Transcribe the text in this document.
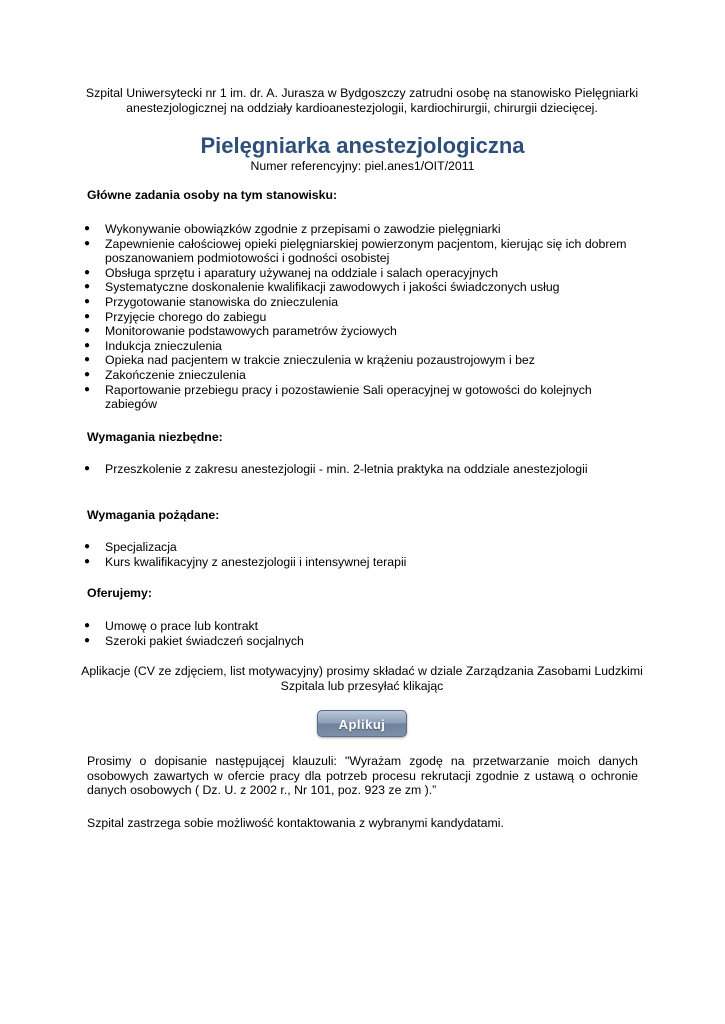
Szpital Uniwersytecki nr 1 im. dr. A. Jurasza w Bydgoszczy zatrudni osobę na stanowisko Pielęgniarki anestezjologicznej na oddziały kardioanestezjologii, kardiochirurgii, chirurgii dziecięcej.
Pielęgniarka anestezjologiczna
Numer referencyjny: piel.anes1/OIT/2011
Główne zadania osoby na tym stanowisku:
● Wykonywanie obowiązków zgodnie z przepisami o zawodzie pielęgniarki
● Zapewnienie całościowej opieki pielęgniarskiej powierzonym pacjentom, kierując się ich dobrem poszanowaniem podmiotowości i godności osobistej
● Obsługa sprzętu i aparatury używanej na oddziale i salach operacyjnych
● Systematyczne doskonalenie kwalifikacji zawodowych i jakości świadczonych usług
● Przygotowanie stanowiska do znieczulenia
● Przyjęcie chorego do zabiegu
● Monitorowanie podstawowych parametrów życiowych
● Indukcja znieczulenia
● Opieka nad pacjentem w trakcie znieczulenia w krążeniu pozaustrojowym i bez
● Zakończenie znieczulenia
● Raportowanie przebiegu pracy i pozostawienie Sali operacyjnej w gotowości do kolejnych zabiegów
Wymagania niezbędne:
● Przeszkolenie z zakresu anestezjologii - min. 2-letnia praktyka na oddziale anestezjologii
Wymagania pożądane:
● Specjalizacja
● Kurs kwalifikacyjny z anestezjologii i intensywnej terapii
Oferujemy:
● Umowę o prace lub kontrakt
● Szeroki pakiet świadczeń socjalnych
Aplikacje (CV ze zdjęciem, list motywacyjny) prosimy składać w dziale Zarządzania Zasobami Ludzkimi Szpitala lub przesyłać klikając
Aplikuj
Prosimy o dopisanie następującej klauzuli: "Wyrażam zgodę na przetwarzanie moich danych osobowych zawartych w ofercie pracy dla potrzeb procesu rekrutacji zgodnie z ustawą o ochronie danych osobowych ( Dz. U. z 2002 r., Nr 101, poz. 923 ze zm ).”
Szpital zastrzega sobie możliwość kontaktowania z wybranymi kandydatami.
